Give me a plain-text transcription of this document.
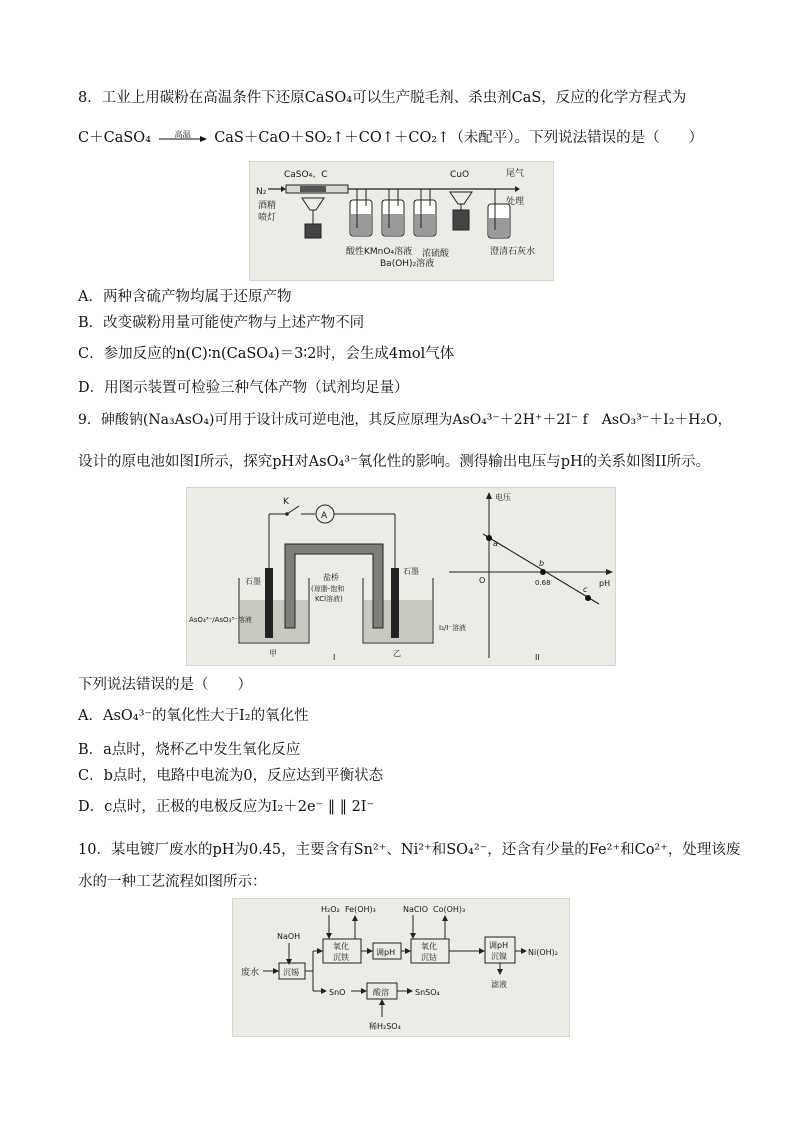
8．工业上用碳粉在高温条件下还原CaSO₄可以生产脱毛剂、杀虫剂CaS，反应的化学方程式为
C＋CaSO₄	高温	CaS＋CaO＋SO₂↑＋CO↑＋CO₂↑（未配平）。下列说法错误的是（　　）
N₂
CaSO₄、C
酒精喷灯
CuO	尾气处理
酸性KMnO₄溶液
Ba(OH)₂溶液
浓硫酸	澄清石灰水
A．两种含硫产物均属于还原产物
B．改变碳粉用量可能使产物与上述产物不同
C．参加反应的n(C)∶n(CaSO₄)＝3∶2时，会生成4mol气体
D．用图示装置可检验三种气体产物（试剂均足量）
9．砷酸钠(Na₃AsO₄)可用于设计成可逆电池，其反应原理为AsO₄³⁻＋2H⁺＋2I⁻ f　AsO₃³⁻＋I₂＋H₂O，
设计的原电池如图I所示，探究pH对AsO₄³⁻氧化性的影响。测得输出电压与pH的关系如图II所示。
K
A
石墨
石墨
盐桥
(琼脂-饱和
KCl溶液)
AsO₄³⁻/AsO₃³⁻溶液
I₂/I⁻溶液
甲	乙
I
电压
pH
O
a
b
c
0.68
II
下列说法错误的是（　　）
A．AsO₄³⁻的氧化性大于I₂的氧化性
B．a点时，烧杯乙中发生氧化反应
C．b点时，电路中电流为0，反应达到平衡状态
D．c点时，正极的电极反应为I₂＋2e⁻ ‖ ‖ 2I⁻
10．某电镀厂废水的pH为0.45，主要含有Sn²⁺、Ni²⁺和SO₄²⁻，还含有少量的Fe²⁺和Co²⁺，处理该废
水的一种工艺流程如图所示：
NaOH
H₂O₂ Fe(OH)₃	NaClO Co(OH)₃
废水	沉锡
氧化
沉铁
调pH
氧化
沉钴
调pH
沉镍	Ni(OH)₂
滤液
SnO	酸溶	SnSO₄
稀H₂SO₄
